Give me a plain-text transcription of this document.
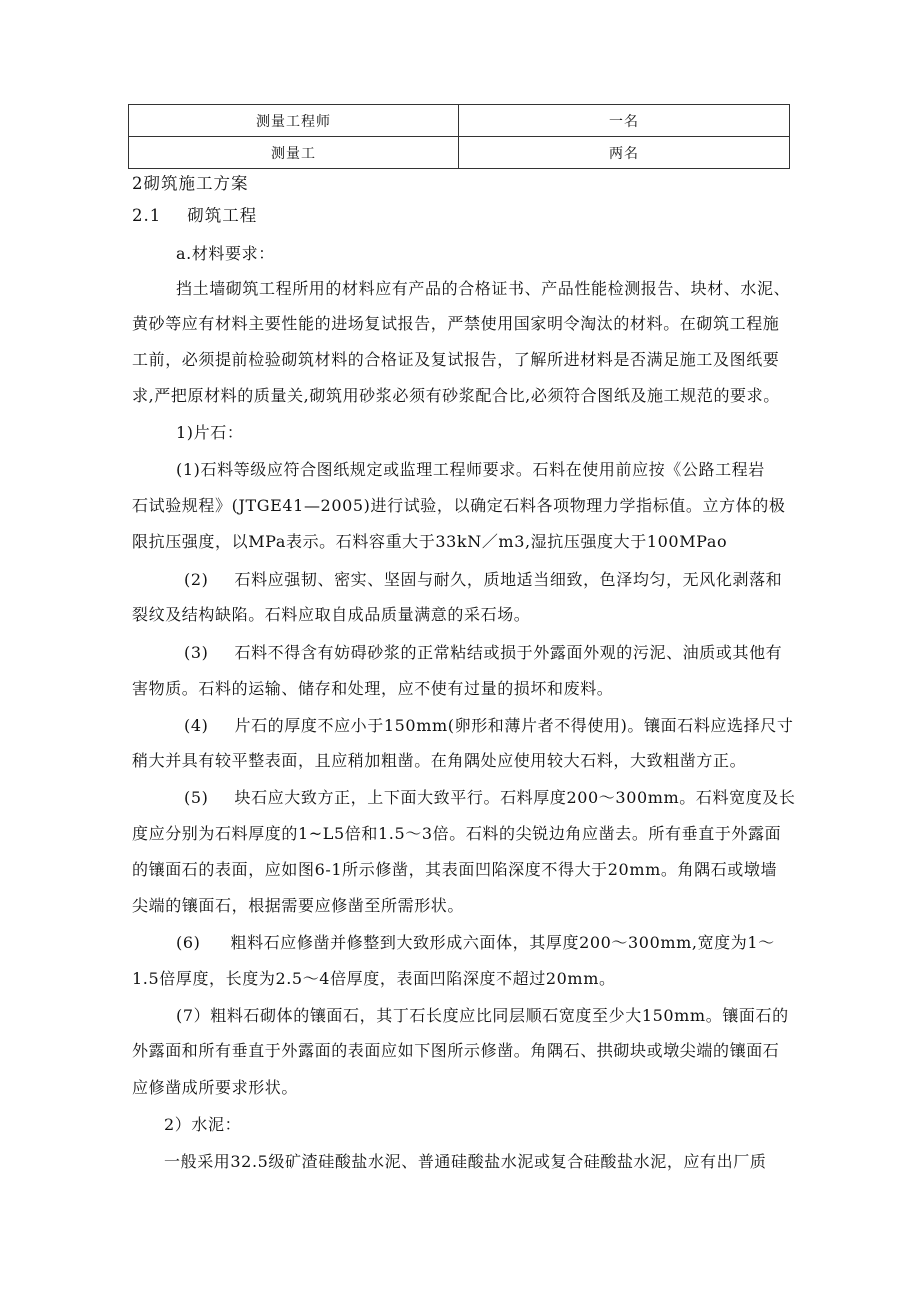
测量工程师	一名
测量工	两名

2砌筑施工方案

2.1 砌筑工程

a.材料要求：

挡土墙砌筑工程所用的材料应有产品的合格证书、产品性能检测报告、块材、水泥、

黄砂等应有材料主要性能的进场复试报告，严禁使用国家明令淘汰的材料。在砌筑工程施

工前，必须提前检验砌筑材料的合格证及复试报告，了解所进材料是否满足施工及图纸要

求,严把原材料的质量关,砌筑用砂浆必须有砂浆配合比,必须符合图纸及施工规范的要求。

1)片石：

(1)石料等级应符合图纸规定或监理工程师要求。石料在使用前应按《公路工程岩

石试验规程》(JTGE41—2005)进行试验，以确定石料各项物理力学指标值。立方体的极

限抗压强度，以MPa表示。石料容重大于33kN／m3,湿抗压强度大于100MPao

(2) 石料应强韧、密实、坚固与耐久，质地适当细致，色泽均匀，无风化剥落和

裂纹及结构缺陷。石料应取自成品质量满意的采石场。

(3) 石料不得含有妨碍砂浆的正常粘结或损于外露面外观的污泥、油质或其他有

害物质。石料的运输、储存和处理，应不使有过量的损坏和废料。

(4) 片石的厚度不应小于150mm(卵形和薄片者不得使用)。镶面石料应选择尺寸

稍大并具有较平整表面，且应稍加粗凿。在角隅处应使用较大石料，大致粗凿方正。

(5) 块石应大致方正，上下面大致平行。石料厚度200～300mm。石料宽度及长

度应分别为石料厚度的1~L5倍和1.5～3倍。石料的尖锐边角应凿去。所有垂直于外露面

的镶面石的表面，应如图6-1所示修凿，其表面凹陷深度不得大于20mm。角隅石或墩墙

尖端的镶面石，根据需要应修凿至所需形状。

(6) 粗料石应修凿并修整到大致形成六面体，其厚度200～300mm,宽度为1～

1.5倍厚度，长度为2.5～4倍厚度，表面凹陷深度不超过20mm。

(7）粗料石砌体的镶面石，其丁石长度应比同层顺石宽度至少大150mm。镶面石的

外露面和所有垂直于外露面的表面应如下图所示修凿。角隅石、拱砌块或墩尖端的镶面石

应修凿成所要求形状。

2）水泥：

一般采用32.5级矿渣硅酸盐水泥、普通硅酸盐水泥或复合硅酸盐水泥，应有出厂质
